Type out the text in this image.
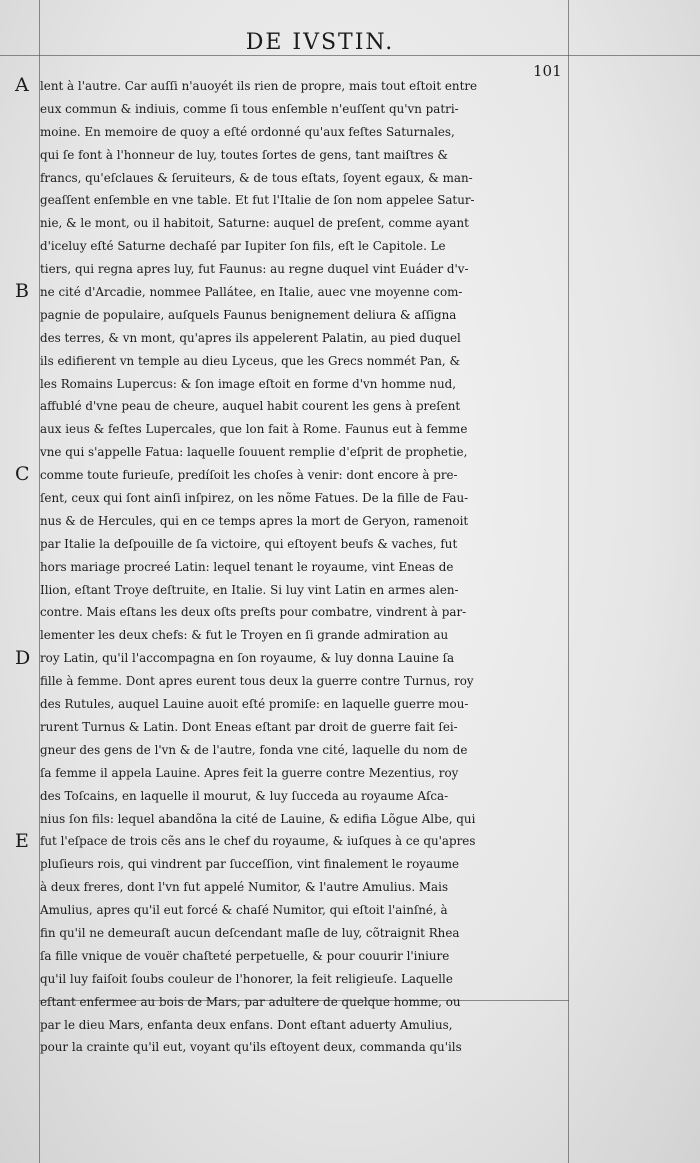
DE IVSTIN.
101
A
B
C
D
E
lent à l'autre. Car auſſi n'auoyét ils rien de propre, mais tout eſtoit entre
eux commun & indiuis, comme ſi tous enſemble n'euſſent qu'vn patri-
moine. En memoire de quoy a eſté ordonné qu'aux feſtes Saturnales,
qui ſe font à l'honneur de luy, toutes ſortes de gens, tant maiſtres &
francs, qu'eſclaues & ſeruiteurs, & de tous eſtats, ſoyent egaux, & man-
geaſſent enſemble en vne table. Et fut l'Italie de ſon nom appelee Satur-
nie, & le mont, ou il habitoit, Saturne: auquel de preſent, comme ayant
d'iceluy eſté Saturne dechaſé par Iupiter ſon fils, eſt le Capitole. Le
tiers, qui regna apres luy, fut Faunus: au regne duquel vint Euáder d'v-
ne cité d'Arcadie, nommee Pallátee, en Italie, auec vne moyenne com-
pagnie de populaire, auſquels Faunus benignement deliura & aſſigna
des terres, & vn mont, qu'apres ils appelerent Palatin, au pied duquel
ils edifierent vn temple au dieu Lyceus, que les Grecs nommét Pan, &
les Romains Lupercus: & ſon image eſtoit en forme d'vn homme nud,
affublé d'vne peau de cheure, auquel habit courent les gens à preſent
aux ieus & feſtes Lupercales, que lon fait à Rome. Faunus eut à femme
vne qui s'appelle Fatua: laquelle ſouuent remplie d'eſprit de prophetie,
comme toute furieuſe, predíſoit les choſes à venir: dont encore à pre-
ſent, ceux qui ſont ainſi inſpirez, on les nõme Fatues. De la fille de Fau-
nus & de Hercules, qui en ce temps apres la mort de Geryon, ramenoit
par Italie la deſpouille de ſa victoire, qui eſtoyent beufs & vaches, fut
hors mariage procreé Latin: lequel tenant le royaume, vint Eneas de
Ilion, eſtant Troye deſtruite, en Italie. Si luy vint Latin en armes alen-
contre. Mais eſtans les deux oſts preſts pour combatre, vindrent à par-
lementer les deux chefs: & fut le Troyen en ſi grande admiration au
roy Latin, qu'il l'accompagna en ſon royaume, & luy donna Lauine ſa
fille à femme. Dont apres eurent tous deux la guerre contre Turnus, roy
des Rutules, auquel Lauine auoit eſté promiſe: en laquelle guerre mou-
rurent Turnus & Latin. Dont Eneas eſtant par droit de guerre fait ſei-
gneur des gens de l'vn & de l'autre, fonda vne cité, laquelle du nom de
ſa femme il appela Lauine. Apres feit la guerre contre Mezentius, roy
des Toſcains, en laquelle il mourut, & luy ſucceda au royaume Aſca-
nius ſon fils: lequel abandõna la cité de Lauine, & edifia Lõgue Albe, qui
fut l'eſpace de trois cẽs ans le chef du royaume, & iuſques à ce qu'apres
pluſieurs rois, qui vindrent par ſucceſſion, vint finalement le royaume
à deux freres, dont l'vn fut appelé Numitor, & l'autre Amulius. Mais
Amulius, apres qu'il eut forcé & chaſé Numitor, qui eſtoit l'ainſné, à
fin qu'il ne demeuraſt aucun deſcendant maſle de luy, cõtraignit Rhea
ſa fille vnique de vouër chaſteté perpetuelle, & pour couurir l'iniure
qu'il luy faiſoit ſoubs couleur de l'honorer, la feit religieuſe. Laquelle
eſtant enfermee au bois de Mars, par adultere de quelque homme, ou
par le dieu Mars, enfanta deux enfans. Dont eſtant aduerty Amulius,
pour la crainte qu'il eut, voyant qu'ils eſtoyent deux, commanda qu'ils
